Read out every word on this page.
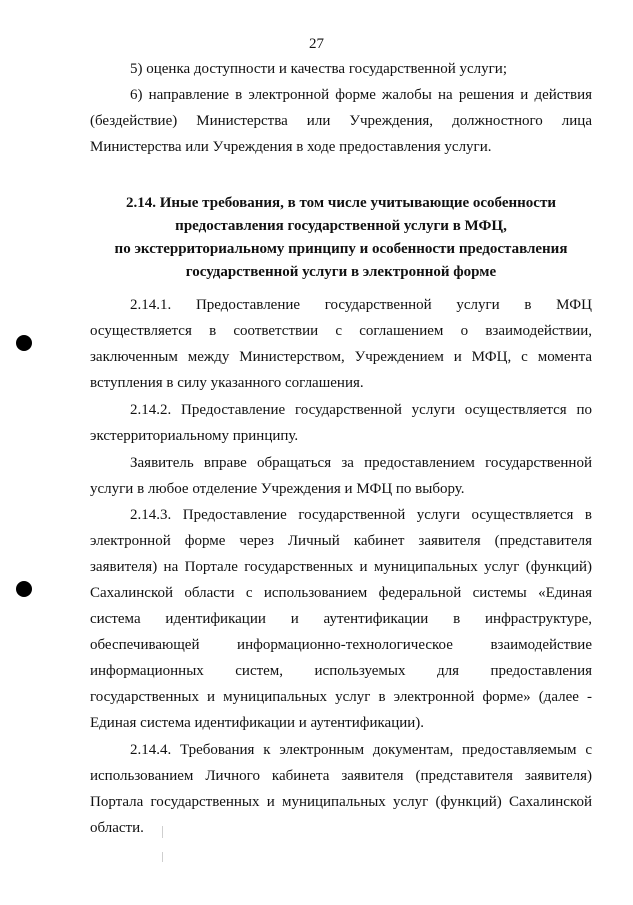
27
5) оценка доступности и качества государственной услуги;
6) направление в электронной форме жалобы на решения и действия
(бездействие) Министерства или Учреждения, должностного лица
Министерства или Учреждения в ходе предоставления услуги.
2.14. Иные требования, в том числе учитывающие особенности
предоставления государственной услуги в МФЦ,
по экстерриториальному принципу и особенности предоставления
государственной услуги в электронной форме
2.14.1. Предоставление государственной услуги в МФЦ
осуществляется в соответствии с соглашением о взаимодействии,
заключенным между Министерством, Учреждением и МФЦ, с момента
вступления в силу указанного соглашения.
2.14.2. Предоставление государственной услуги осуществляется по
экстерриториальному принципу.
Заявитель вправе обращаться за предоставлением государственной
услуги в любое отделение Учреждения и МФЦ по выбору.
2.14.3. Предоставление государственной услуги осуществляется в
электронной форме через Личный кабинет заявителя (представителя
заявителя) на Портале государственных и муниципальных услуг (функций)
Сахалинской области с использованием федеральной системы «Единая
система идентификации и аутентификации в инфраструктуре,
обеспечивающей информационно-технологическое взаимодействие
информационных систем, используемых для предоставления
государственных и муниципальных услуг в электронной форме» (далее -
Единая система идентификации и аутентификации).
2.14.4. Требования к электронным документам, предоставляемым с
использованием Личного кабинета заявителя (представителя заявителя)
Портала государственных и муниципальных услуг (функций) Сахалинской
области.
